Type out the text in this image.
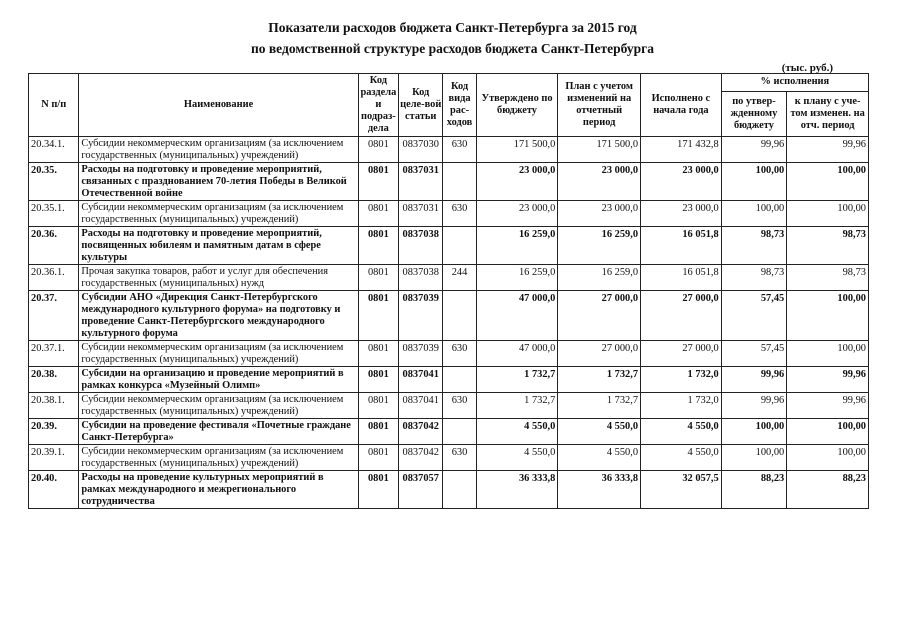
Показатели расходов бюджета Санкт-Петербурга за 2015 год
по ведомственной структуре расходов бюджета Санкт-Петербурга
(тыс. руб.)
N п/п	Наименование	Код раздела и подраз-дела	Код целе-вой статьи	Код вида рас-ходов	Утверждено по бюджету	План с учетом изменений на отчетный период	Исполнено с начала года	% исполнения	
								по утвер-жденному бюджету	к плану с уче-том изменен. на отч. период
20.34.1.	Субсидии некоммерческим организациям (за исключением государственных (муниципальных) учреждений)	0801	0837030	630	171 500,0	171 500,0	171 432,8	99,96	99,96
20.35.	Расходы на подготовку и проведение мероприятий, связанных с празднованием 70-летия Победы в Великой Отечественной войне	0801	0837031		23 000,0	23 000,0	23 000,0	100,00	100,00
20.35.1.	Субсидии некоммерческим организациям (за исключением государственных (муниципальных) учреждений)	0801	0837031	630	23 000,0	23 000,0	23 000,0	100,00	100,00
20.36.	Расходы на подготовку и проведение мероприятий, посвященных юбилеям и памятным датам в сфере культуры	0801	0837038		16 259,0	16 259,0	16 051,8	98,73	98,73
20.36.1.	Прочая закупка товаров, работ и услуг для обеспечения государственных (муниципальных) нужд	0801	0837038	244	16 259,0	16 259,0	16 051,8	98,73	98,73
20.37.	Субсидии АНО «Дирекция Санкт-Петербургского международного культурного форума» на подготовку и проведение Санкт-Петербургского международного культурного форума	0801	0837039		47 000,0	27 000,0	27 000,0	57,45	100,00
20.37.1.	Субсидии некоммерческим организациям (за исключением государственных (муниципальных) учреждений)	0801	0837039	630	47 000,0	27 000,0	27 000,0	57,45	100,00
20.38.	Субсидии на организацию и проведение мероприятий в рамках конкурса «Музейный Олимп»	0801	0837041		1 732,7	1 732,7	1 732,0	99,96	99,96
20.38.1.	Субсидии некоммерческим организациям (за исключением государственных (муниципальных) учреждений)	0801	0837041	630	1 732,7	1 732,7	1 732,0	99,96	99,96
20.39.	Субсидии на проведение фестиваля «Почетные граждане Санкт-Петербурга»	0801	0837042		4 550,0	4 550,0	4 550,0	100,00	100,00
20.39.1.	Субсидии некоммерческим организациям (за исключением государственных (муниципальных) учреждений)	0801	0837042	630	4 550,0	4 550,0	4 550,0	100,00	100,00
20.40.	Расходы на проведение культурных мероприятий в рамках международного и межрегионального сотрудничества	0801	0837057		36 333,8	36 333,8	32 057,5	88,23	88,23
